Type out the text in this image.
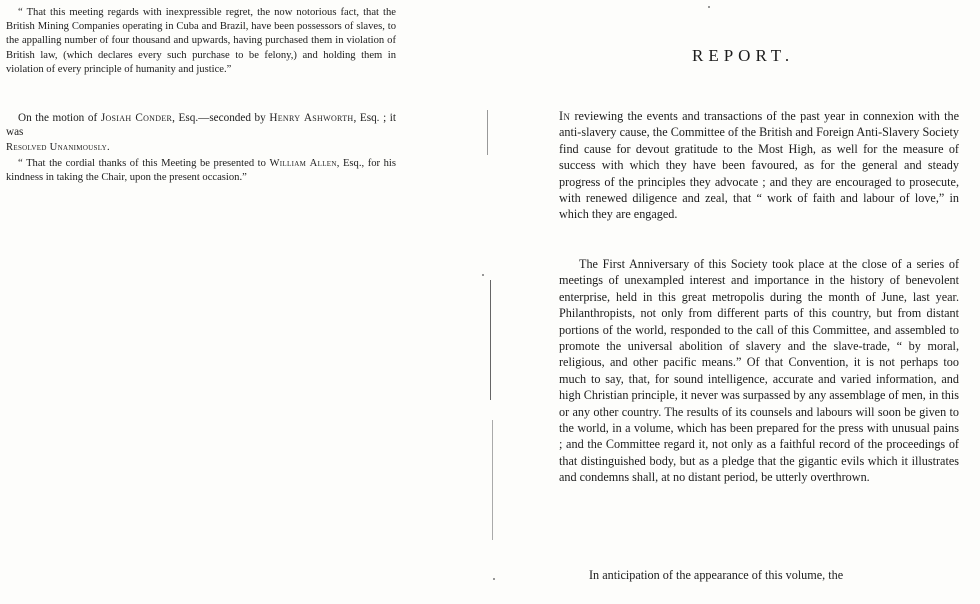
“ That this meeting regards with inexpressible regret, the now notorious fact, that the British Mining Companies operating in Cuba and Brazil, have been possessors of slaves, to the appalling number of four thousand and upwards, having purchased them in violation of British law, (which declares every such purchase to be felony,) and holding them in violation of every principle of humanity and justice.”

On the motion of Josiah Conder, Esq.—seconded by Henry Ashworth, Esq. ; it was

Resolved Unanimously.

“ That the cordial thanks of this Meeting be presented to William Allen, Esq., for his kindness in taking the Chair, upon the present occasion.”

REPORT.

In reviewing the events and transactions of the past year in connexion with the anti-slavery cause, the Committee of the British and Foreign Anti-Slavery Society find cause for devout gratitude to the Most High, as well for the measure of success with which they have been favoured, as for the general and steady progress of the principles they advocate ; and they are encouraged to prosecute, with renewed diligence and zeal, that “ work of faith and labour of love,” in which they are engaged.

The First Anniversary of this Society took place at the close of a series of meetings of unexampled interest and importance in the history of benevolent enterprise, held in this great metropolis during the month of June, last year. Philanthropists, not only from different parts of this country, but from distant portions of the world, responded to the call of this Committee, and assembled to promote the universal abolition of slavery and the slave-trade, “ by moral, religious, and other pacific means.” Of that Convention, it is not perhaps too much to say, that, for sound intelligence, accurate and varied information, and high Christian principle, it never was surpassed by any assemblage of men, in this or any other country. The results of its counsels and labours will soon be given to the world, in a volume, which has been prepared for the press with unusual pains ; and the Committee regard it, not only as a faithful record of the proceedings of that distinguished body, but as a pledge that the gigantic evils which it illustrates and condemns shall, at no distant period, be utterly overthrown.

In anticipation of the appearance of this volume, the
